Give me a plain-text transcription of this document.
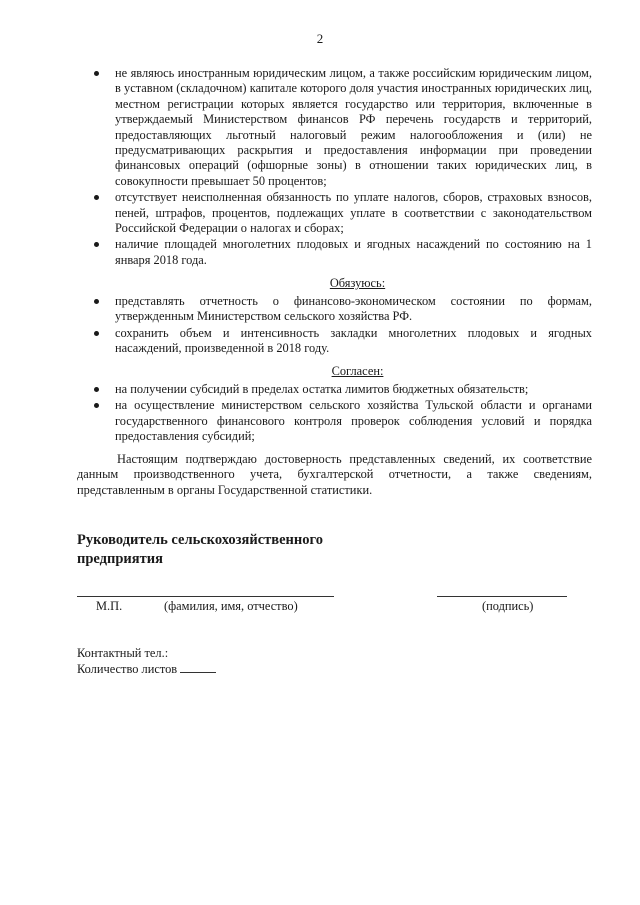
2
не являюсь иностранным юридическим лицом, а также российским юридическим лицом, в уставном (складочном) капитале которого доля участия иностранных юридических лиц, местном регистрации которых является государство или территория, включенные в утверждаемый Министерством финансов РФ перечень государств и территорий, предоставляющих льготный налоговый режим налогообложения и (или) не предусматривающих раскрытия и предоставления информации при проведении финансовых операций (офшорные зоны) в отношении таких юридических лиц, в совокупности превышает 50 процентов;
отсутствует неисполненная обязанность по уплате налогов, сборов, страховых взносов, пеней, штрафов, процентов, подлежащих уплате в соответствии с законодательством Российской Федерации о налогах и сборах;
наличие площадей многолетних плодовых и ягодных насаждений по состоянию на 1 января 2018 года.
Обязуюсь:
представлять отчетность о финансово-экономическом состоянии по формам, утвержденным Министерством сельского хозяйства РФ.
сохранить объем и интенсивность закладки многолетних плодовых и ягодных насаждений, произведенной в 2018 году.
Согласен:
на получении субсидий в пределах остатка лимитов бюджетных обязательств;
на осуществление министерством сельского хозяйства Тульской области и органами государственного финансового контроля проверок соблюдения условий и порядка предоставления субсидий;
Настоящим подтверждаю достоверность представленных сведений, их соответствие данным производственного учета, бухгалтерской отчетности, а также сведениям, представленным в органы Государственной статистики.
Руководитель сельскохозяйственного
предприятия
М.П.	(фамилия, имя, отчество)	(подпись)
Контактный тел.:
Количество листов
